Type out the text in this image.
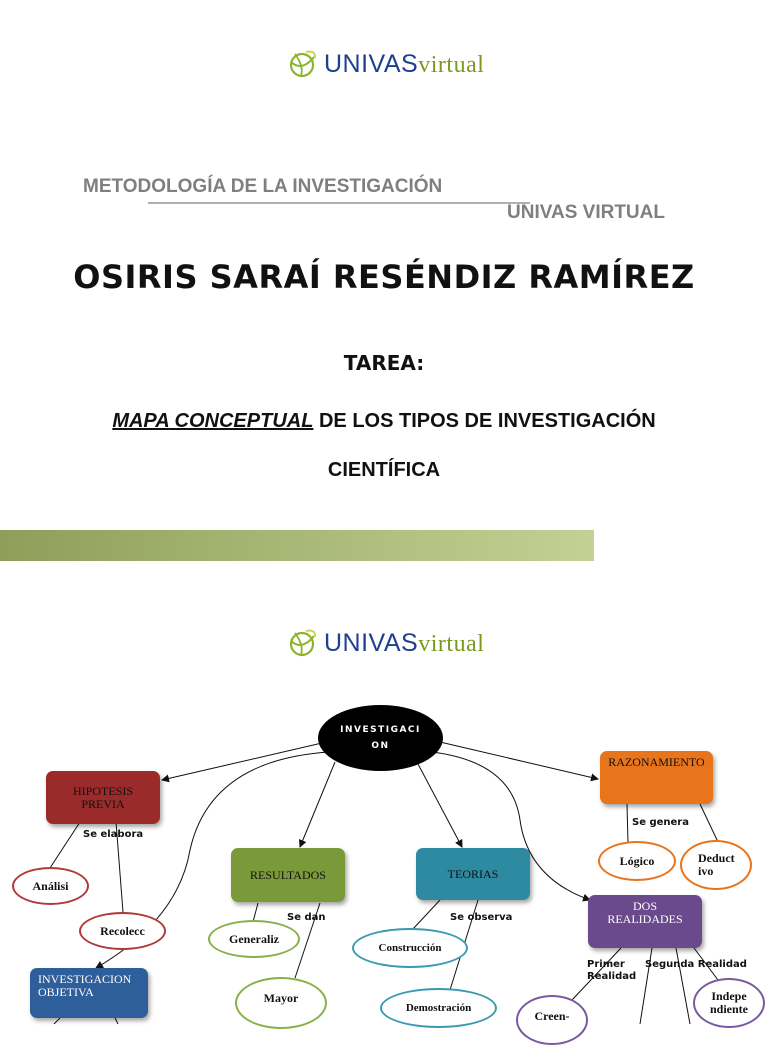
UNIVASvirtual
METODOLOGÍA DE LA INVESTIGACIÓN
UNIVAS VIRTUAL
OSIRIS SARAÍ RESÉNDIZ RAMÍREZ
TAREA:
MAPA CONCEPTUAL DE LOS TIPOS DE INVESTIGACIÓN
CIENTÍFICA
UNIVASvirtual
INVESTIGACI
ON
HIPOTESIS
PREVIA
RESULTADOS	TEORIAS
RAZONAMIENTO
DOS
REALIDADES
INVESTIGACION
OBJETIVA
Se elabora
Se dan	Se observa
Se genera
Primer
Realidad
Segunda Realidad
Análisi
Recolecc
Generaliz
Mayor
Construcción
Demostración
Lógico	Deduct
ivo
Creen-
Indepe
ndiente
